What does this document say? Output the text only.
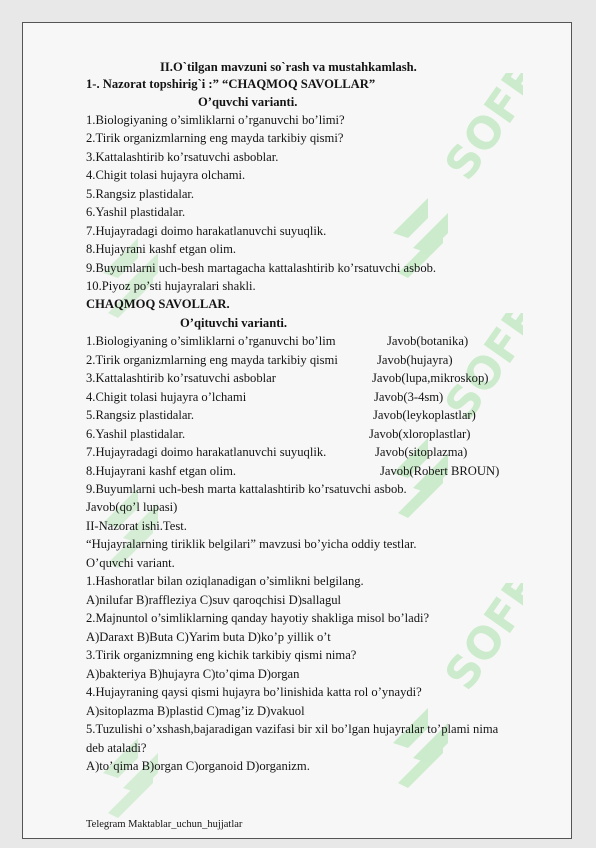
SOFF
SOFF
SOFF
II.O`tilgan mavzuni so`rash va mustahkamlash.
1-. Nazorat topshirig`i :” “CHAQMOQ SAVOLLAR”
O’quvchi varianti.
1.Biologiyaning o’simliklarni o’rganuvchi bo’limi?
2.Tirik organizmlarning eng mayda tarkibiy qismi?
3.Kattalashtirib ko’rsatuvchi asboblar.
4.Chigit tolasi hujayra olchami.
5.Rangsiz plastidalar.
6.Yashil plastidalar.
7.Hujayradagi doimo harakatlanuvchi suyuqlik.
8.Hujayrani kashf etgan olim.
9.Buyumlarni uch-besh martagacha kattalashtirib ko’rsatuvchi asbob.
10.Piyoz po’sti hujayralari shakli.
CHAQMOQ SAVOLLAR.
O’qituvchi varianti.
1.Biologiyaning o’simliklarni o’rganuvchi bo’lim	Javob(botanika)
2.Tirik organizmlarning eng mayda tarkibiy qismi	Javob(hujayra)
3.Kattalashtirib ko’rsatuvchi asboblar	Javob(lupa,mikroskop)
4.Chigit tolasi hujayra o’lchami	Javob(3-4sm)
5.Rangsiz plastidalar.	Javob(leykoplastlar)
6.Yashil plastidalar.	Javob(xloroplastlar)
7.Hujayradagi doimo harakatlanuvchi suyuqlik.	Javob(sitoplazma)
8.Hujayrani kashf etgan olim.	Javob(Robert BROUN)
9.Buyumlarni uch-besh marta kattalashtirib ko’rsatuvchi asbob.
Javob(qo’l lupasi)
II-Nazorat ishi.Test.
“Hujayralarning tiriklik belgilari” mavzusi bo’yicha oddiy testlar.
O’quvchi variant.
1.Hashoratlar bilan oziqlanadigan o’simlikni belgilang.
A)nilufar B)raffleziya C)suv qaroqchisi D)sallagul
2.Majnuntol o’simliklarning qanday hayotiy shakliga misol bo’ladi?
A)Daraxt B)Buta C)Yarim buta D)ko’p yillik o’t
3.Tirik organizmning eng kichik tarkibiy qismi nima?
A)bakteriya B)hujayra C)to’qima D)organ
4.Hujayraning qaysi qismi hujayra bo’linishida katta rol o’ynaydi?
A)sitoplazma B)plastid C)mag’iz D)vakuol
5.Tuzulishi o’xshash,bajaradigan vazifasi bir xil bo’lgan hujayralar to’plami nima
deb ataladi?
A)to’qima B)organ C)organoid D)organizm.
Telegram Maktablar_uchun_hujjatlar
